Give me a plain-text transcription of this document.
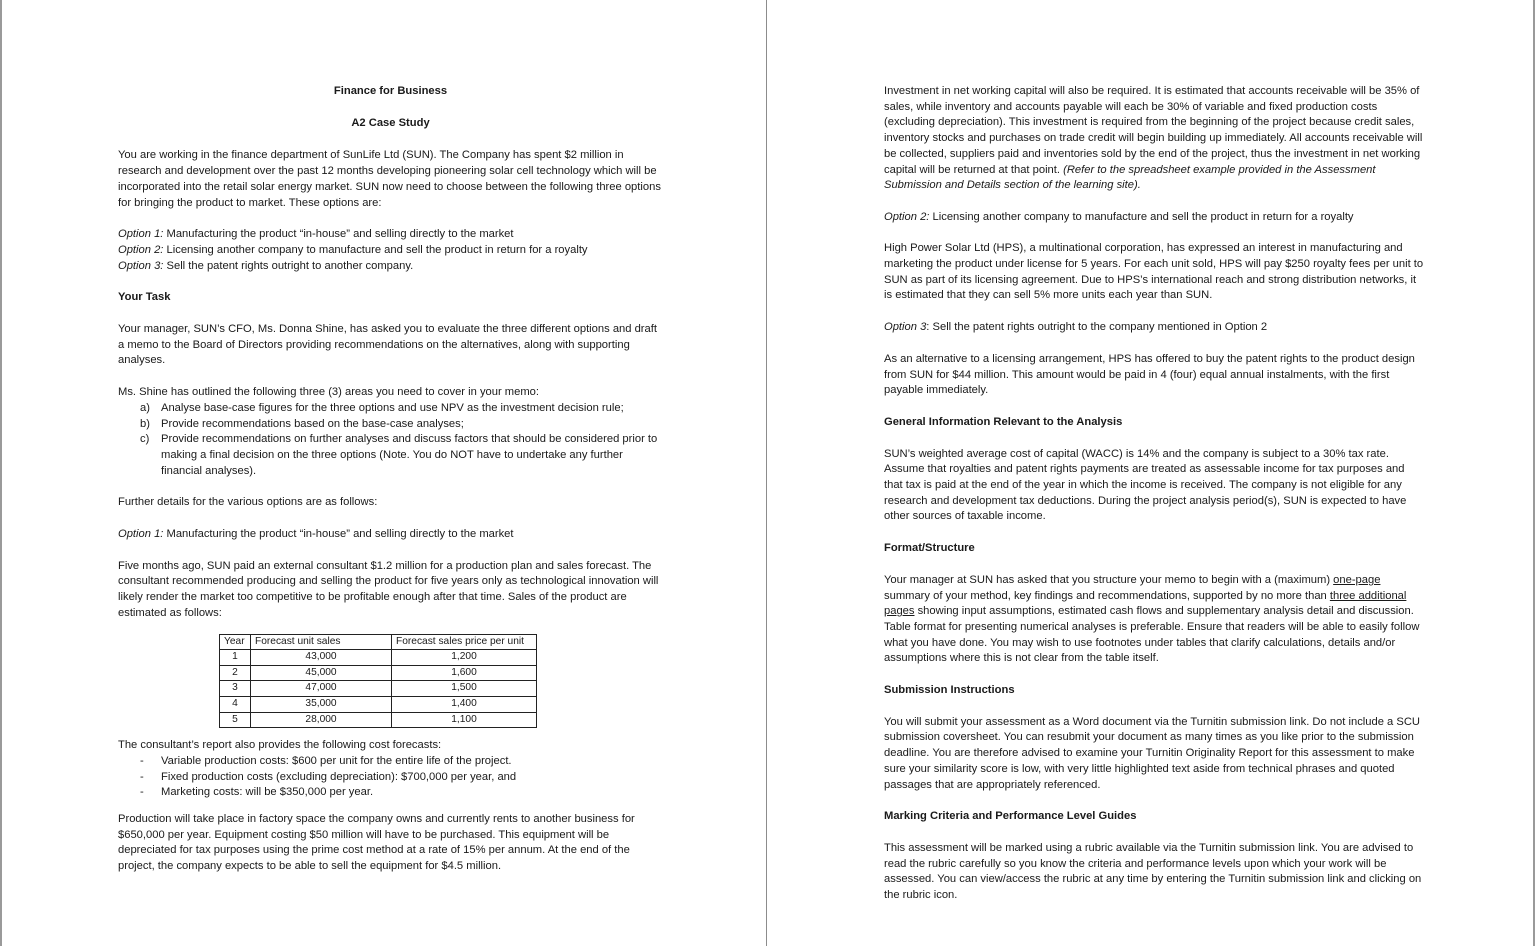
Finance for Business

A2 Case Study

You are working in the finance department of SunLife Ltd (SUN). The Company has spent $2 million in research and development over the past 12 months developing pioneering solar cell technology which will be incorporated into the retail solar energy market. SUN now need to choose between the following three options for bringing the product to market. These options are:

Option 1: Manufacturing the product “in-house” and selling directly to the market

Option 2: Licensing another company to manufacture and sell the product in return for a royalty

Option 3: Sell the patent rights outright to another company.

Your Task

Your manager, SUN’s CFO, Ms. Donna Shine, has asked you to evaluate the three different options and draft a memo to the Board of Directors providing recommendations on the alternatives, along with supporting analyses.

Ms. Shine has outlined the following three (3) areas you need to cover in your memo:

a) Analyse base-case figures for the three options and use NPV as the investment decision rule;
b) Provide recommendations based on the base-case analyses;
c) Provide recommendations on further analyses and discuss factors that should be considered prior to making a final decision on the three options (Note. You do NOT have to undertake any further financial analyses).

Further details for the various options are as follows:

Option 1: Manufacturing the product “in-house” and selling directly to the market

Five months ago, SUN paid an external consultant $1.2 million for a production plan and sales forecast. The consultant recommended producing and selling the product for five years only as technological innovation will likely render the market too competitive to be profitable enough after that time. Sales of the product are estimated as follows:

Year	Forecast unit sales	Forecast sales price per unit
1	43,000	1,200
2	45,000	1,600
3	47,000	1,500
4	35,000	1,400
5	28,000	1,100

The consultant’s report also provides the following cost forecasts:

- Variable production costs: $600 per unit for the entire life of the project.
- Fixed production costs (excluding depreciation): $700,000 per year, and
- Marketing costs: will be $350,000 per year.

Production will take place in factory space the company owns and currently rents to another business for $650,000 per year. Equipment costing $50 million will have to be purchased. This equipment will be depreciated for tax purposes using the prime cost method at a rate of 15% per annum. At the end of the project, the company expects to be able to sell the equipment for $4.5 million.

Investment in net working capital will also be required. It is estimated that accounts receivable will be 35% of sales, while inventory and accounts payable will each be 30% of variable and fixed production costs (excluding depreciation). This investment is required from the beginning of the project because credit sales, inventory stocks and purchases on trade credit will begin building up immediately. All accounts receivable will be collected, suppliers paid and inventories sold by the end of the project, thus the investment in net working capital will be returned at that point. (Refer to the spreadsheet example provided in the Assessment Submission and Details section of the learning site).

Option 2: Licensing another company to manufacture and sell the product in return for a royalty

High Power Solar Ltd (HPS), a multinational corporation, has expressed an interest in manufacturing and marketing the product under license for 5 years. For each unit sold, HPS will pay $250 royalty fees per unit to SUN as part of its licensing agreement. Due to HPS’s international reach and strong distribution networks, it is estimated that they can sell 5% more units each year than SUN.

Option 3: Sell the patent rights outright to the company mentioned in Option 2

As an alternative to a licensing arrangement, HPS has offered to buy the patent rights to the product design from SUN for $44 million. This amount would be paid in 4 (four) equal annual instalments, with the first payable immediately.

General Information Relevant to the Analysis

SUN’s weighted average cost of capital (WACC) is 14% and the company is subject to a 30% tax rate. Assume that royalties and patent rights payments are treated as assessable income for tax purposes and that tax is paid at the end of the year in which the income is received. The company is not eligible for any research and development tax deductions. During the project analysis period(s), SUN is expected to have other sources of taxable income.

Format/Structure

Your manager at SUN has asked that you structure your memo to begin with a (maximum) one-page summary of your method, key findings and recommendations, supported by no more than three additional pages showing input assumptions, estimated cash flows and supplementary analysis detail and discussion. Table format for presenting numerical analyses is preferable. Ensure that readers will be able to easily follow what you have done. You may wish to use footnotes under tables that clarify calculations, details and/or assumptions where this is not clear from the table itself.

Submission Instructions

You will submit your assessment as a Word document via the Turnitin submission link. Do not include a SCU submission coversheet. You can resubmit your document as many times as you like prior to the submission deadline. You are therefore advised to examine your Turnitin Originality Report for this assessment to make sure your similarity score is low, with very little highlighted text aside from technical phrases and quoted passages that are appropriately referenced.

Marking Criteria and Performance Level Guides

This assessment will be marked using a rubric available via the Turnitin submission link. You are advised to read the rubric carefully so you know the criteria and performance levels upon which your work will be assessed. You can view/access the rubric at any time by entering the Turnitin submission link and clicking on the rubric icon.
